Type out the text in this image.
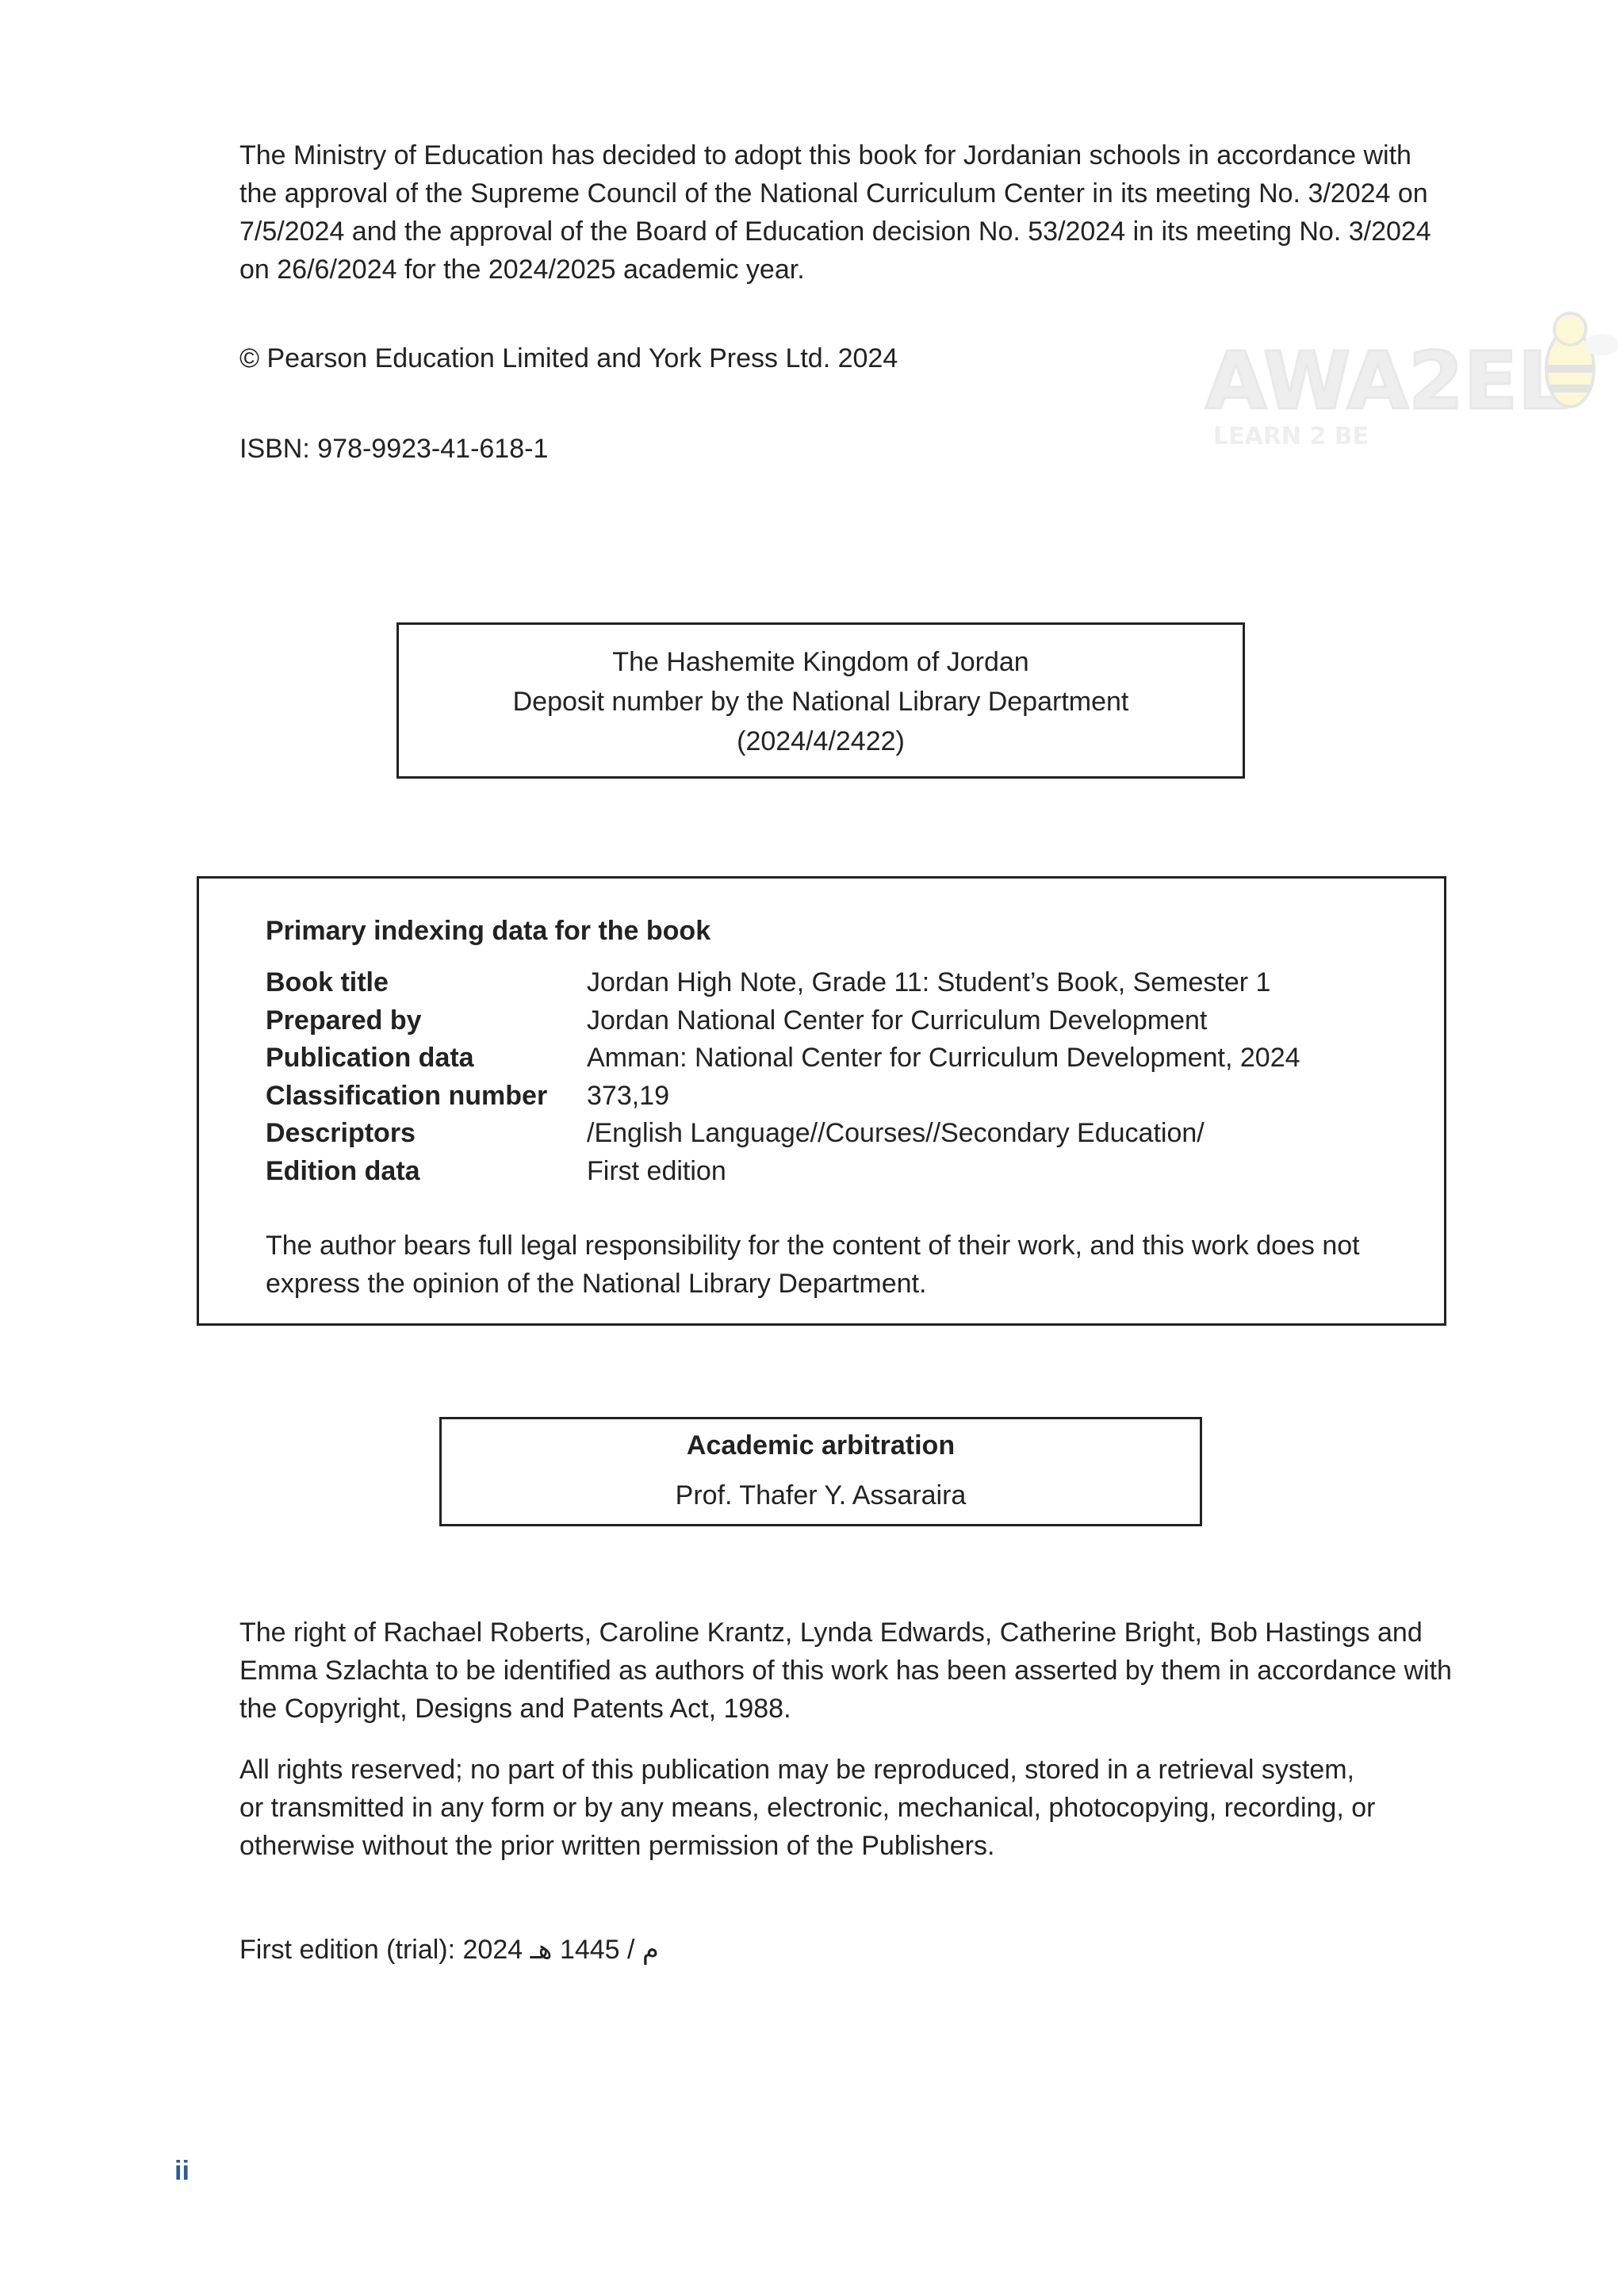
The Ministry of Education has decided to adopt this book for Jordanian schools in accordance with

the approval of the Supreme Council of the National Curriculum Center in its meeting No. 3/2024 on

7/5/2024 and the approval of the Board of Education decision No. 53/2024 in its meeting No. 3/2024

on 26/6/2024 for the 2024/2025 academic year.

© Pearson Education Limited and York Press Ltd. 2024
ISBN: 978-9923-41-618-1
AWA2EL
LEARN 2 BE
The Hashemite Kingdom of Jordan
Deposit number by the National Library Department
(2024/4/2422)
Primary indexing data for the book
Book title	Jordan High Note, Grade 11: Student’s Book, Semester 1
Prepared by	Jordan National Center for Curriculum Development
Publication data	Amman: National Center for Curriculum Development, 2024
Classification number	373,19
Descriptors	/English Language//Courses//Secondary Education/
Edition data	First edition
The author bears full legal responsibility for the content of their work, and this work does not
express the opinion of the National Library Department.
Academic arbitration
Prof. Thafer Y. Assaraira

The right of Rachael Roberts, Caroline Krantz, Lynda Edwards, Catherine Bright, Bob Hastings and

Emma Szlachta to be identified as authors of this work has been asserted by them in accordance with

the Copyright, Designs and Patents Act, 1988.

All rights reserved; no part of this publication may be reproduced, stored in a retrieval system,

or transmitted in any form or by any means, electronic, mechanical, photocopying, recording, or

otherwise without the prior written permission of the Publishers.

First edition (trial): 2024 م / 1445 هـ
ii
